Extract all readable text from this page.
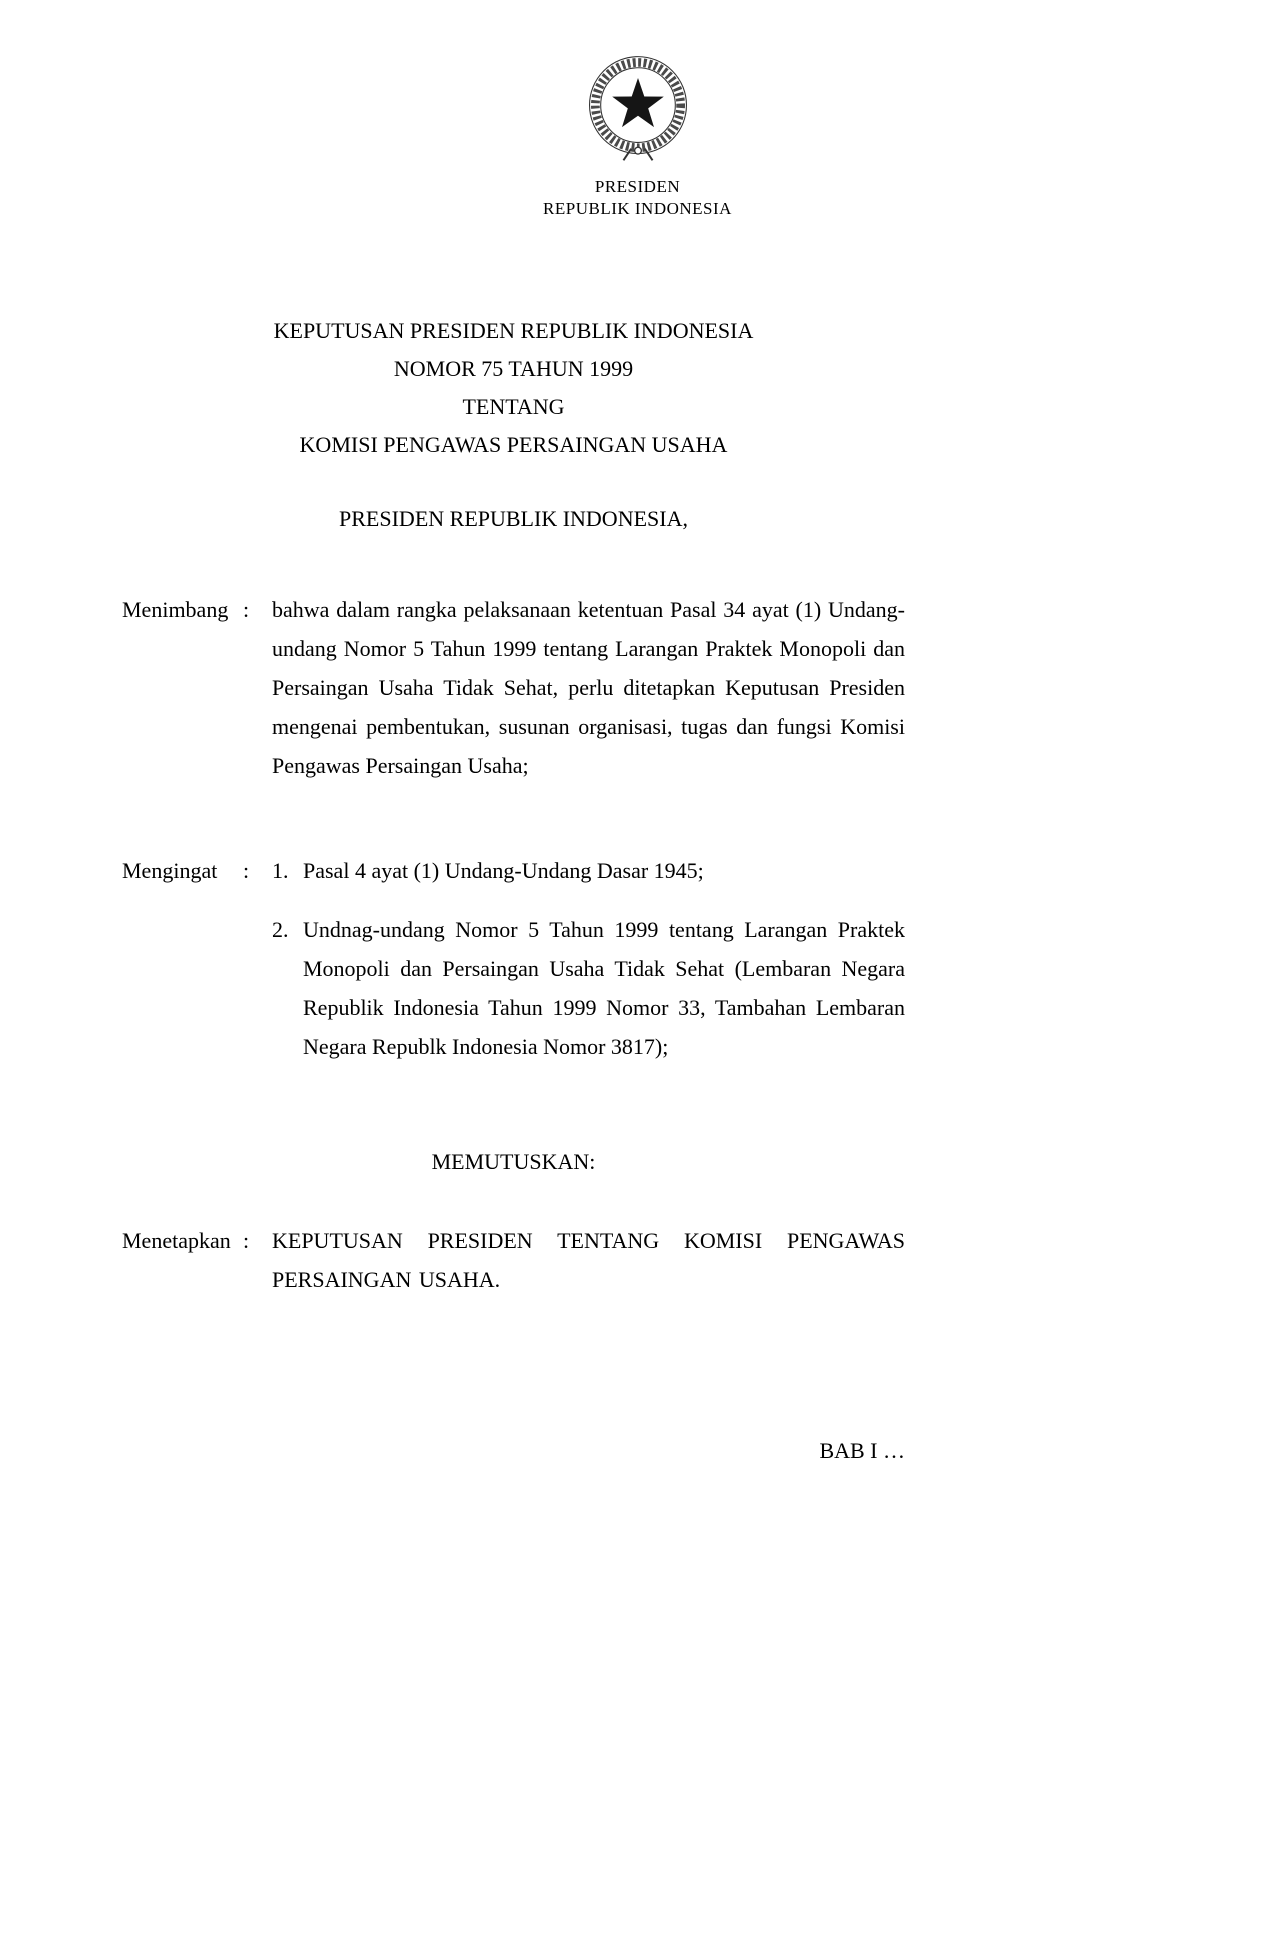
PRESIDEN
REPUBLIK INDONESIA
KEPUTUSAN PRESIDEN REPUBLIK INDONESIA
NOMOR 75 TAHUN 1999
TENTANG
KOMISI PENGAWAS PERSAINGAN USAHA
PRESIDEN REPUBLIK INDONESIA,
Menimbang :	bahwa dalam rangka pelaksanaan ketentuan Pasal 34 ayat (1) Undang-undang Nomor 5 Tahun 1999 tentang Larangan Praktek Monopoli dan Persaingan Usaha Tidak Sehat, perlu ditetapkan Keputusan Presiden mengenai pembentukan, susunan organisasi, tugas dan fungsi Komisi Pengawas Persaingan Usaha;
Mengingat	:	1. Pasal 4 ayat (1) Undang-Undang Dasar 1945;
2. Undnag-undang Nomor 5 Tahun 1999 tentang Larangan Praktek Monopoli dan Persaingan Usaha Tidak Sehat (Lembaran Negara Republik Indonesia Tahun 1999 Nomor 33, Tambahan Lembaran Negara Republk Indonesia Nomor 3817);
MEMUTUSKAN:
Menetapkan :	KEPUTUSAN PRESIDEN TENTANG KOMISI PENGAWAS PERSAINGAN USAHA.
BAB I …
